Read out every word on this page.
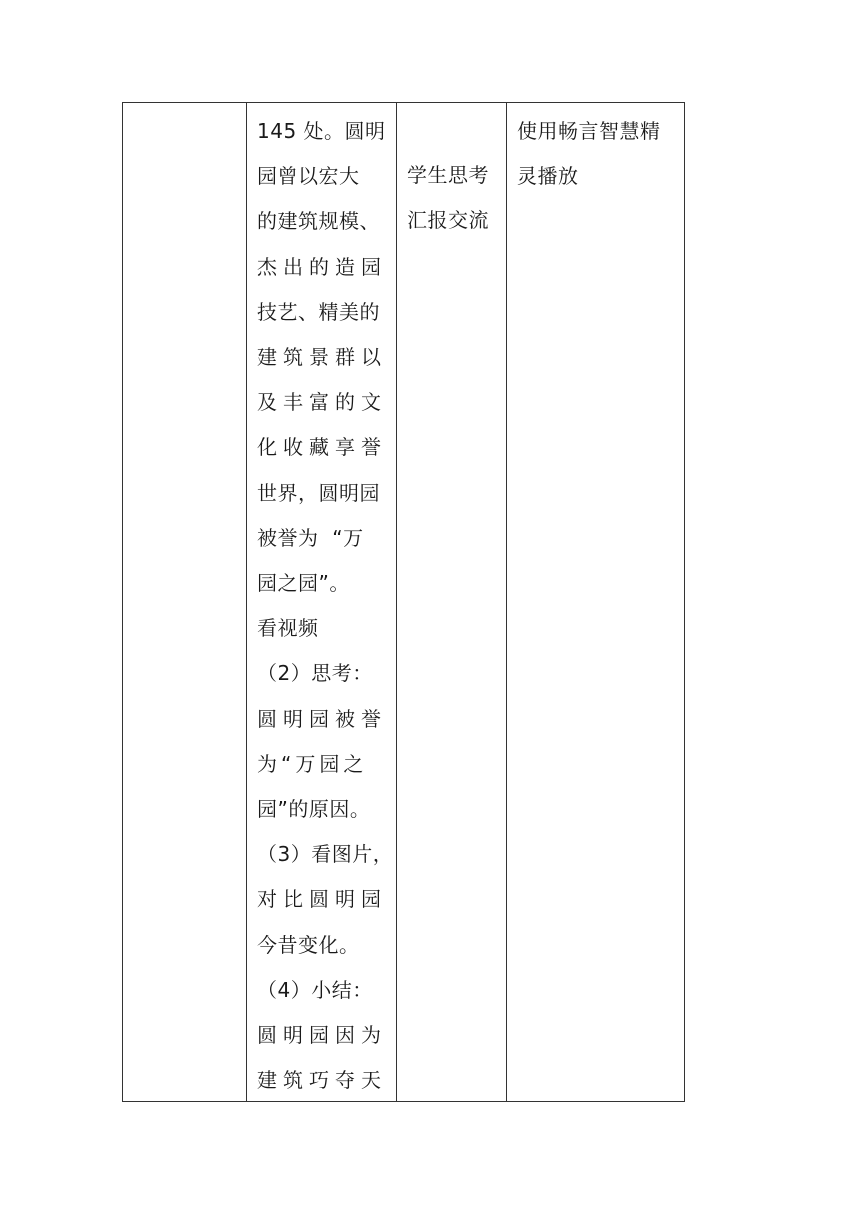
145 处。圆明
园曾以宏大
的建筑规模、
杰出的造园
技艺、精美的
建筑景群以
及丰富的文
化收藏享誉
世界，圆明园
被誉为  “万
园之园”。
看视频
（2）思考：
圆明园被誉
为“万园之
园”的原因。
（3）看图片，
对比圆明园
今昔变化。
（4）小结：
圆明园因为
建筑巧夺天
学生思考
汇报交流
使用畅言智慧精
灵播放
